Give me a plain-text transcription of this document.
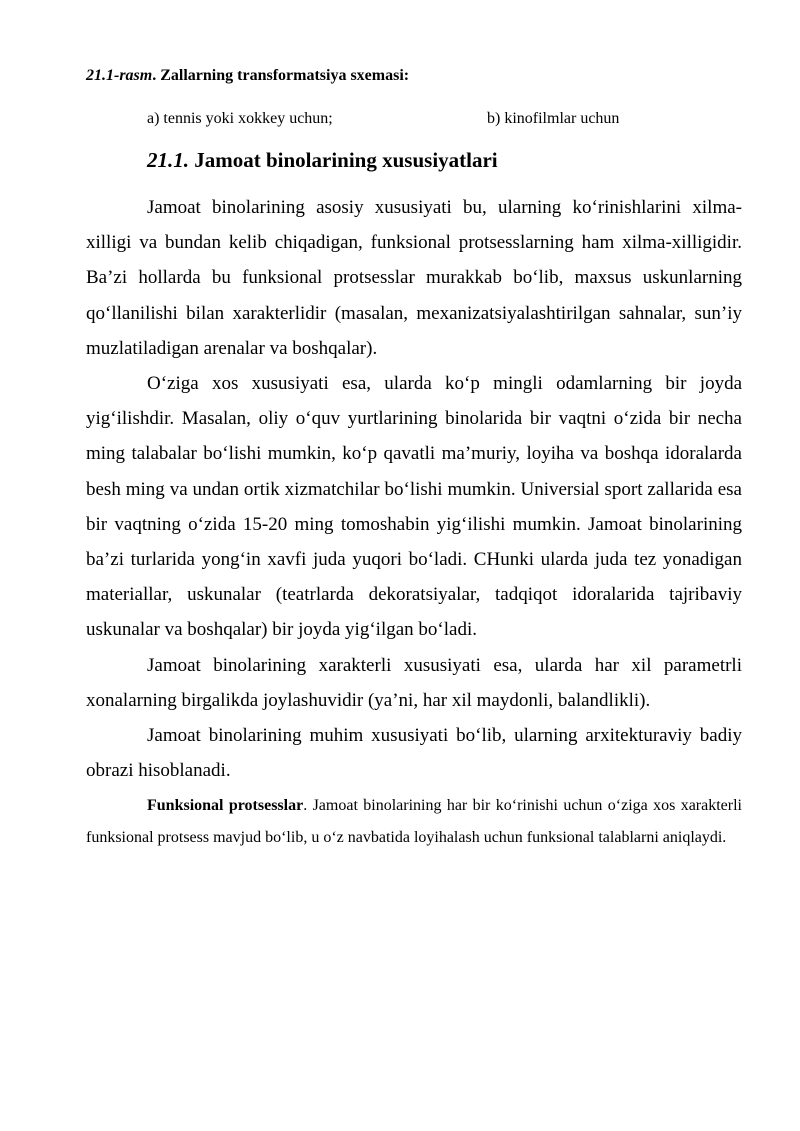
21.1-rasm. Zallarning transformatsiya sxemasi:
a) tennis yoki xokkey uchun;	b) kinofilmlar uchun
21.1. Jamoat binolarining xususiyatlari

Jamoat binolarining asosiy xususiyati bu, ularning ko‘rinishlarini xilma-xilligi va bundan kelib chiqadigan, funksional protsesslarning ham xilma-xilligidir. Ba’zi hollarda bu funksional protsesslar murakkab bo‘lib, maxsus uskunlarning qo‘llanilishi bilan xarakterlidir (masalan, mexanizatsiyalashtirilgan sahnalar, sun’iy muzlatiladigan arenalar va boshqalar).

O‘ziga xos xususiyati esa, ularda ko‘p mingli odamlarning bir joyda yig‘ilishdir. Masalan, oliy o‘quv yurtlarining binolarida bir vaqtni o‘zida bir necha ming talabalar bo‘lishi mumkin, ko‘p qavatli ma’muriy, loyiha va boshqa idoralarda besh ming va undan ortik xizmatchilar bo‘lishi mumkin. Universial sport zallarida esa bir vaqtning o‘zida 15-20 ming tomoshabin yig‘ilishi mumkin. Jamoat binolarining ba’zi turlarida yong‘in xavfi juda yuqori bo‘ladi. CHunki ularda juda tez yonadigan materiallar, uskunalar (teatrlarda dekoratsiyalar, tadqiqot idoralarida tajribaviy uskunalar va boshqalar) bir joyda yig‘ilgan bo‘ladi.

Jamoat binolarining xarakterli xususiyati esa, ularda har xil parametrli xonalarning birgalikda joylashuvidir (ya’ni, har xil maydonli, balandlikli).

Jamoat binolarining muhim xususiyati bo‘lib, ularning arxitekturaviy badiy obrazi hisoblanadi.

Funksional protsesslar. Jamoat binolarining har bir ko‘rinishi uchun o‘ziga xos xarakterli funksional protsess mavjud bo‘lib, u o‘z navbatida loyihalash uchun funksional talablarni aniqlaydi.
